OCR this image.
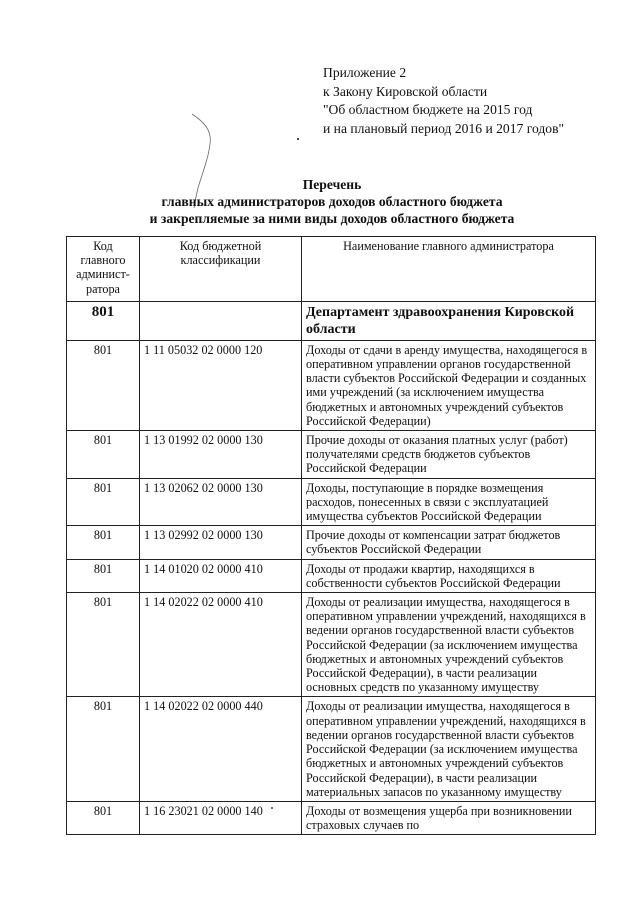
Приложение 2
к Закону Кировской области
"Об областном бюджете на 2015 год
и на плановый период 2016 и 2017 годов"
Перечень
главных администраторов доходов областного бюджета
и закрепляемые за ними виды доходов областного бюджета
Код главного админист-ратора	Код бюджетной классификации	Наименование главного администратора
801		Департамент здравоохранения Кировской области
801	1 11 05032 02 0000 120	Доходы от сдачи в аренду имущества, находящегося в оперативном управлении органов государственной власти субъектов Российской Федерации и созданных ими учреждений (за исключением имущества бюджетных и автономных учреждений субъектов Российской Федерации)
801	1 13 01992 02 0000 130	Прочие доходы от оказания платных услуг (работ) получателями средств бюджетов субъектов Российской Федерации
801	1 13 02062 02 0000 130	Доходы, поступающие в порядке возмещения расходов, понесенных в связи с эксплуатацией имущества субъектов Российской Федерации
801	1 13 02992 02 0000 130	Прочие доходы от компенсации затрат бюджетов субъектов Российской Федерации
801	1 14 01020 02 0000 410	Доходы от продажи квартир, находящихся в собственности субъектов Российской Федерации
801	1 14 02022 02 0000 410	Доходы от реализации имущества, находящегося в оперативном управлении учреждений, находящихся в ведении органов государственной власти субъектов Российской Федерации (за исключением имущества бюджетных и автономных учреждений субъектов Российской Федерации), в части реализации основных средств по указанному имуществу
801	1 14 02022 02 0000 440	Доходы от реализации имущества, находящегося в оперативном управлении учреждений, находящихся в ведении органов государственной власти субъектов Российской Федерации (за исключением имущества бюджетных и автономных учреждений субъектов Российской Федерации), в части реализации материальных запасов по указанному имуществу
801	1 16 23021 02 0000 140	Доходы от возмещения ущерба при возникновении страховых случаев по
